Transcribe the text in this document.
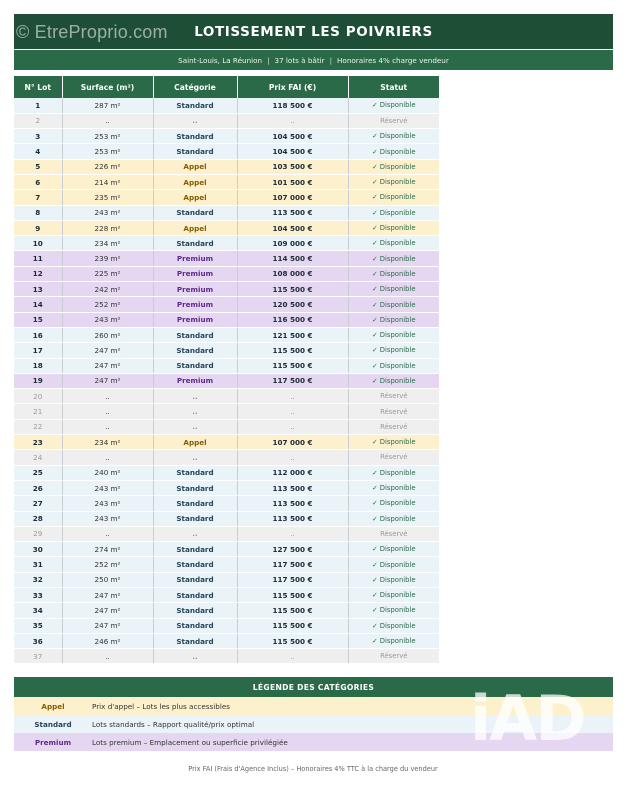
© EtreProprio.com LOTISSEMENT LES POIVRIERS
Saint-Louis, La Réunion | 37 lots à bâtir | Honoraires 4% charge vendeur
N° Lot	Surface (m²)	Catégorie	Prix FAI (€)	Statut
1	287 m²	Standard	118 500 €	✓ Disponible
2	..	..	..	Réservé
3	253 m²	Standard	104 500 €	✓ Disponible
4	253 m²	Standard	104 500 €	✓ Disponible
5	226 m²	Appel	103 500 €	✓ Disponible
6	214 m²	Appel	101 500 €	✓ Disponible
7	235 m²	Appel	107 000 €	✓ Disponible
8	243 m²	Standard	113 500 €	✓ Disponible
9	228 m²	Appel	104 500 €	✓ Disponible
10	234 m²	Standard	109 000 €	✓ Disponible
11	239 m²	Premium	114 500 €	✓ Disponible
12	225 m²	Premium	108 000 €	✓ Disponible
13	242 m²	Premium	115 500 €	✓ Disponible
14	252 m²	Premium	120 500 €	✓ Disponible
15	243 m²	Premium	116 500 €	✓ Disponible
16	260 m²	Standard	121 500 €	✓ Disponible
17	247 m²	Standard	115 500 €	✓ Disponible
18	247 m²	Standard	115 500 €	✓ Disponible
19	247 m²	Premium	117 500 €	✓ Disponible
20	..	..	..	Réservé
21	..	..	..	Réservé
22	..	..	..	Réservé
23	234 m²	Appel	107 000 €	✓ Disponible
24	..	..	..	Réservé
25	240 m²	Standard	112 000 €	✓ Disponible
26	243 m²	Standard	113 500 €	✓ Disponible
27	243 m²	Standard	113 500 €	✓ Disponible
28	243 m²	Standard	113 500 €	✓ Disponible
29	..	..	..	Réservé
30	274 m²	Standard	127 500 €	✓ Disponible
31	252 m²	Standard	117 500 €	✓ Disponible
32	250 m²	Standard	117 500 €	✓ Disponible
33	247 m²	Standard	115 500 €	✓ Disponible
34	247 m²	Standard	115 500 €	✓ Disponible
35	247 m²	Standard	115 500 €	✓ Disponible
36	246 m²	Standard	115 500 €	✓ Disponible
37	..	..	..	Réservé
LÉGENDE DES CATÉGORIES
Appel	Prix d'appel – Lots les plus accessibles
Standard	Lots standards – Rapport qualité/prix optimal
Premium	Lots premium – Emplacement ou superficie privilégiée	iAD
Prix FAI (Frais d'Agence Inclus) – Honoraires 4% TTC à la charge du vendeur
